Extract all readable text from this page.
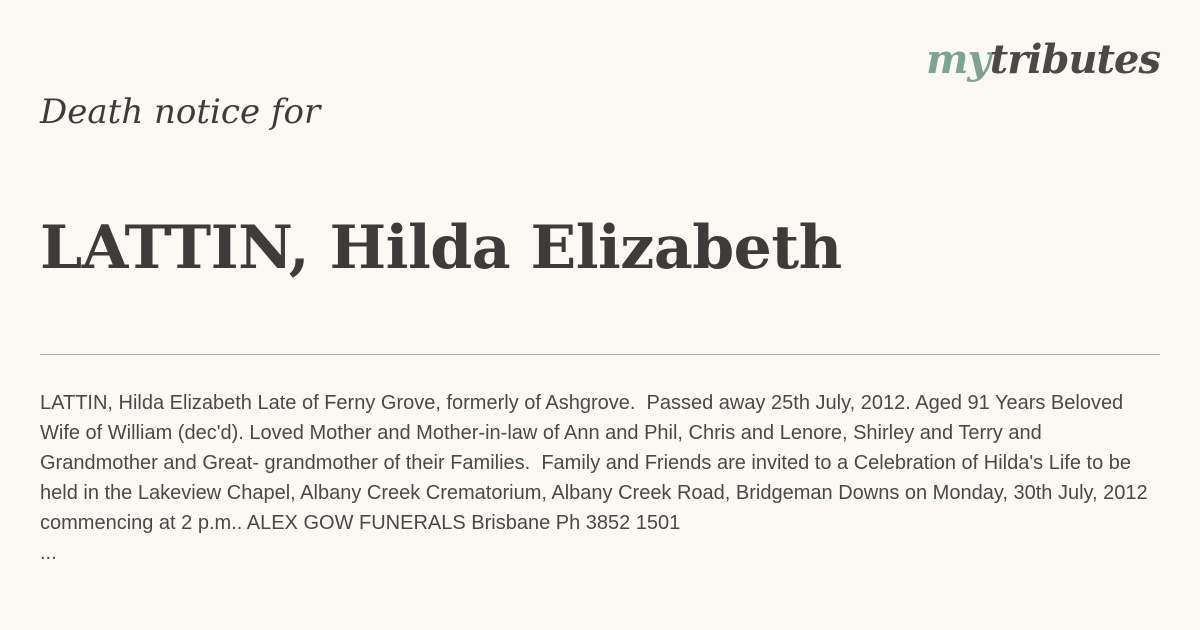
mytributes
Death notice for
LATTIN, Hilda Elizabeth

LATTIN, Hilda Elizabeth Late of Ferny Grove, formerly of Ashgrove.  Passed away 25th July, 2012. Aged 91 Years Beloved Wife of William (dec'd). Loved Mother and Mother-in-law of Ann and Phil, Chris and Lenore, Shirley and Terry and Grandmother and Great- grandmother of their Families.  Family and Friends are invited to a Celebration of Hilda's Life to be held in the Lakeview Chapel, Albany Creek Crematorium, Albany Creek Road, Bridgeman Downs on Monday, 30th July, 2012 commencing at 2 p.m.. ALEX GOW FUNERALS Brisbane Ph 3852 1501
...
